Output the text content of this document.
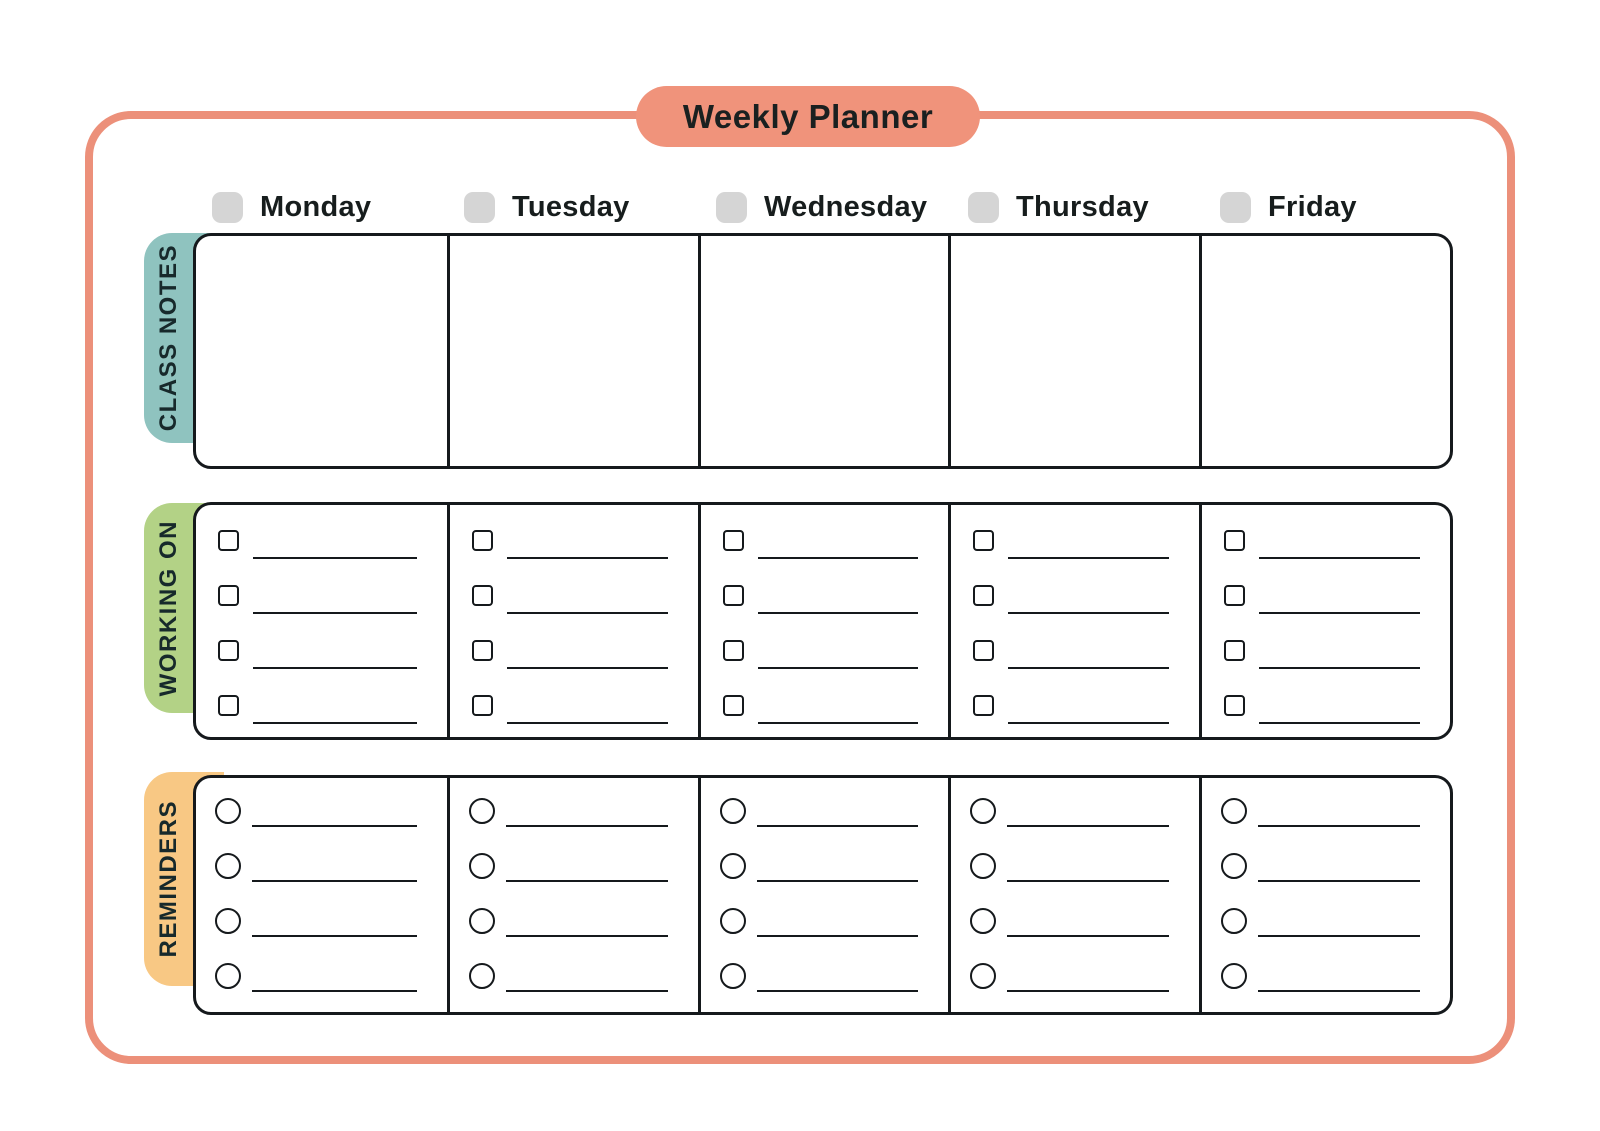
Weekly Planner
Monday	Tuesday	Wednesday	Thursday	Friday
CLASS NOTES
WORKING ON
REMINDERS
